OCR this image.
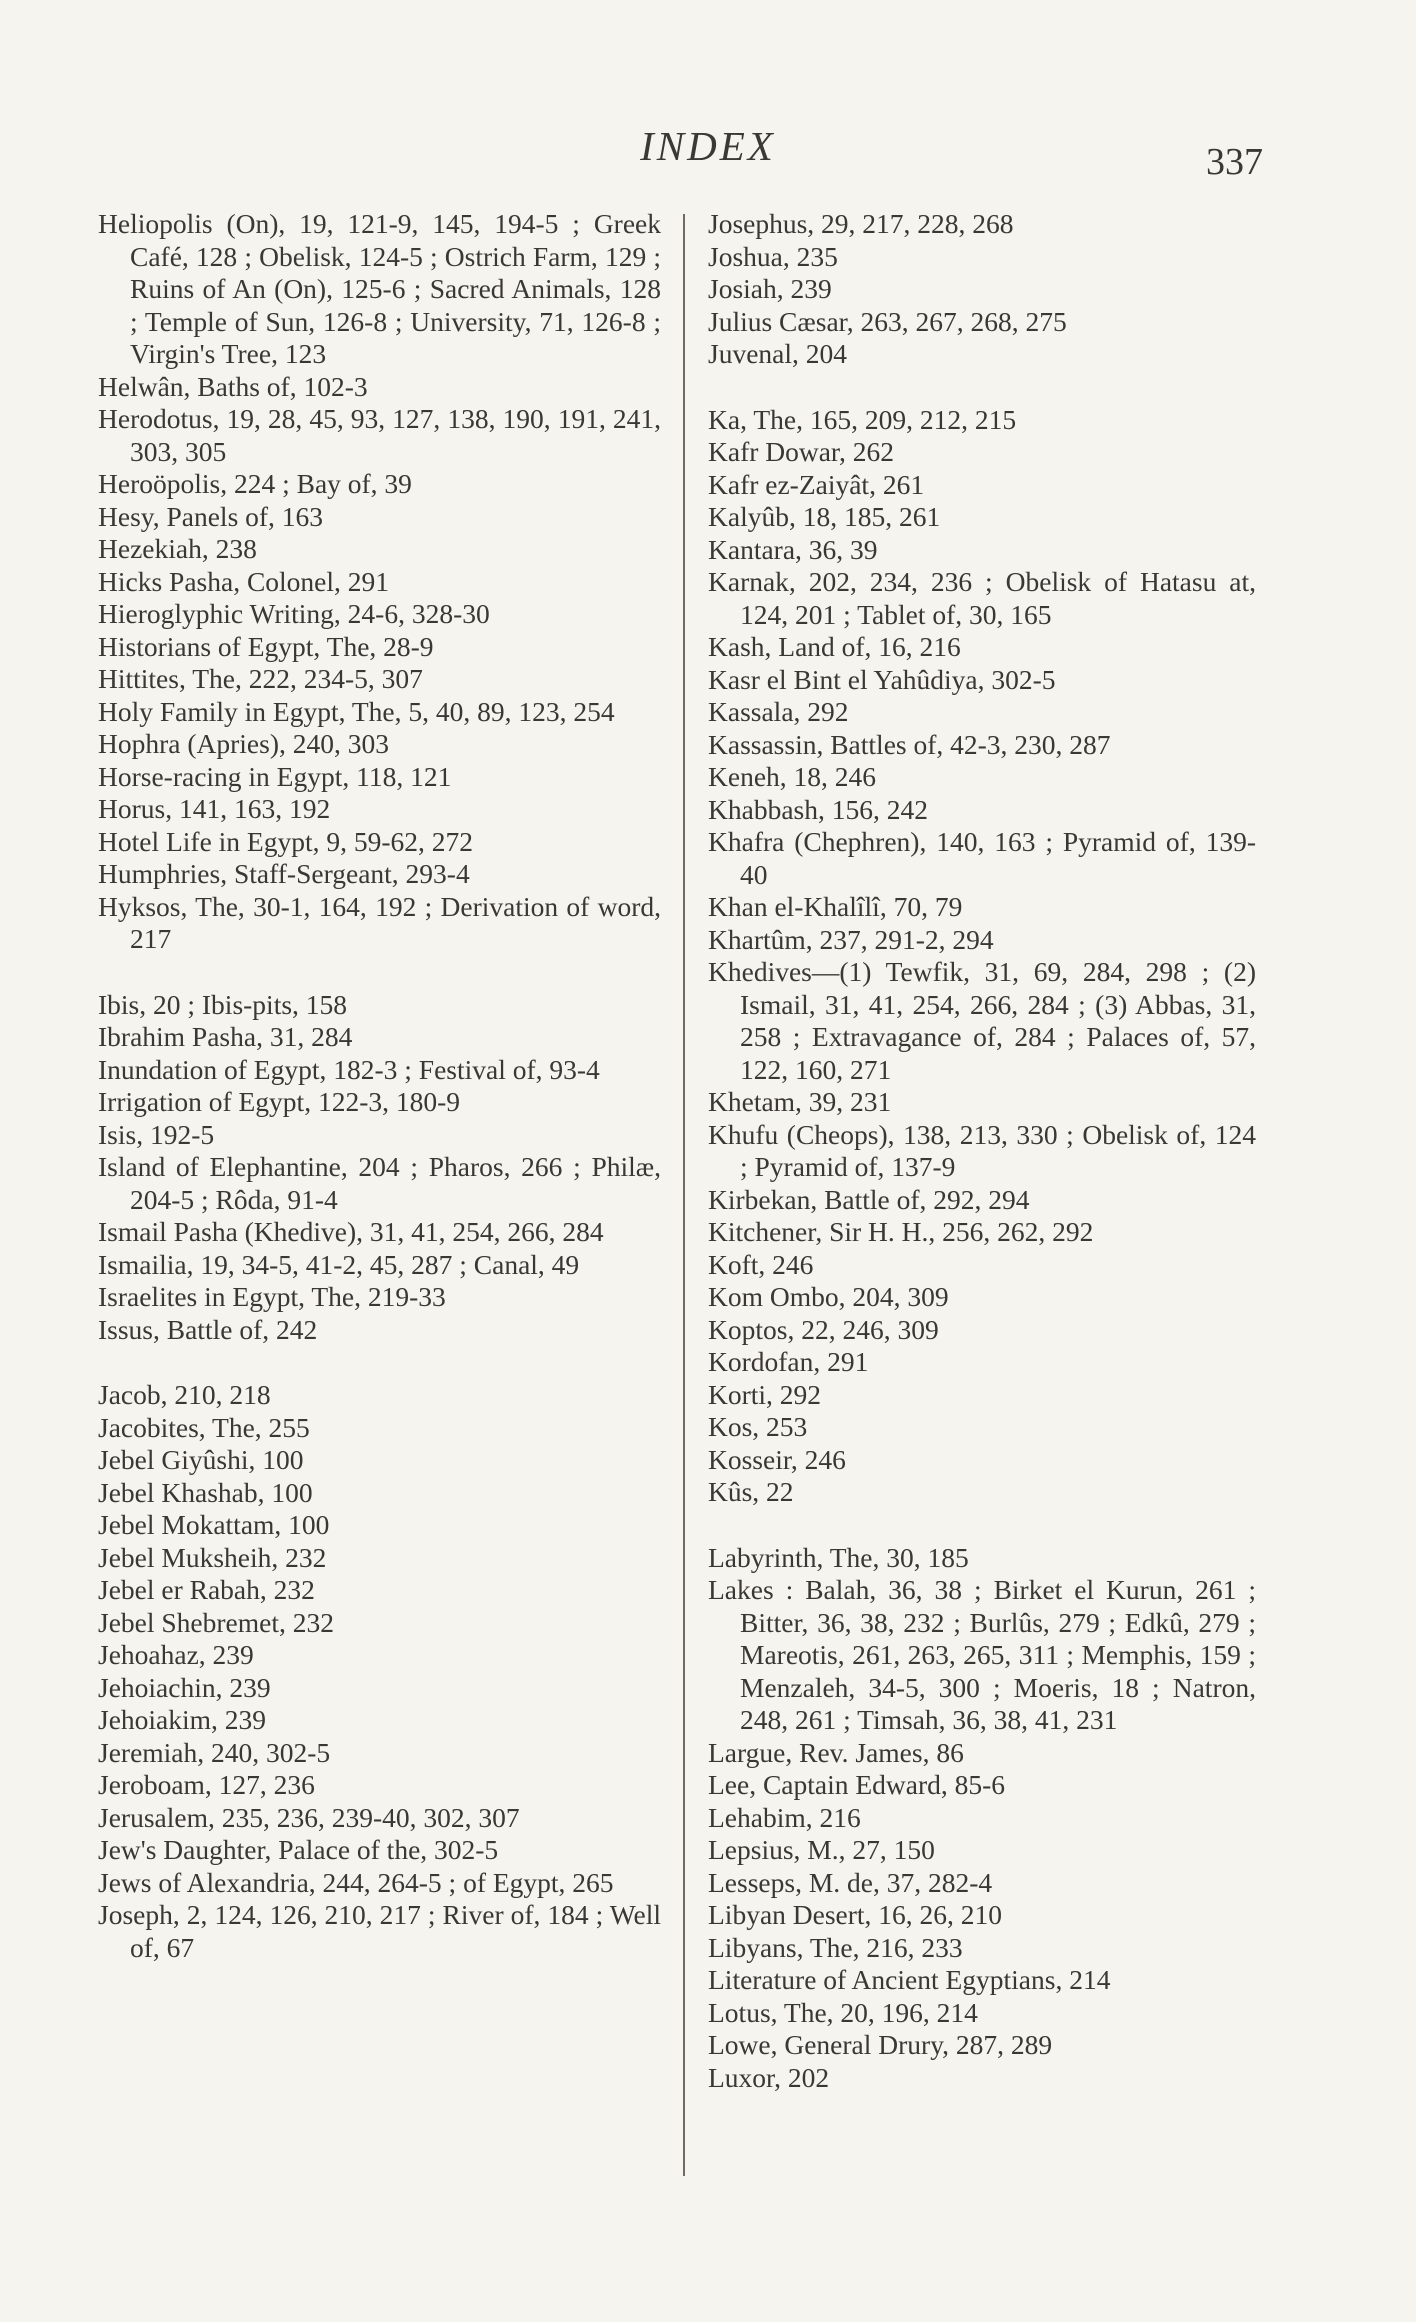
INDEX	337
Heliopolis (On), 19, 121-9, 145, 194-5 ; Greek Café, 128 ; Obelisk, 124-5 ; Ostrich Farm, 129 ; Ruins of An (On), 125-6 ; Sacred Animals, 128 ; Temple of Sun, 126-8 ; University, 71, 126-8 ; Virgin's Tree, 123
Helwân, Baths of, 102-3
Herodotus, 19, 28, 45, 93, 127, 138, 190, 191, 241, 303, 305
Heroöpolis, 224 ; Bay of, 39
Hesy, Panels of, 163
Hezekiah, 238
Hicks Pasha, Colonel, 291
Hieroglyphic Writing, 24-6, 328-30
Historians of Egypt, The, 28-9
Hittites, The, 222, 234-5, 307
Holy Family in Egypt, The, 5, 40, 89, 123, 254
Hophra (Apries), 240, 303
Horse-racing in Egypt, 118, 121
Horus, 141, 163, 192
Hotel Life in Egypt, 9, 59-62, 272
Humphries, Staff-Sergeant, 293-4
Hyksos, The, 30-1, 164, 192 ; Derivation of word, 217
Ibis, 20 ; Ibis-pits, 158
Ibrahim Pasha, 31, 284
Inundation of Egypt, 182-3 ; Festival of, 93-4
Irrigation of Egypt, 122-3, 180-9
Isis, 192-5
Island of Elephantine, 204 ; Pharos, 266 ; Philæ, 204-5 ; Rôda, 91-4
Ismail Pasha (Khedive), 31, 41, 254, 266, 284
Ismailia, 19, 34-5, 41-2, 45, 287 ; Canal, 49
Israelites in Egypt, The, 219-33
Issus, Battle of, 242
Jacob, 210, 218
Jacobites, The, 255
Jebel Giyûshi, 100
Jebel Khashab, 100
Jebel Mokattam, 100
Jebel Muksheih, 232
Jebel er Rabah, 232
Jebel Shebremet, 232
Jehoahaz, 239
Jehoiachin, 239
Jehoiakim, 239
Jeremiah, 240, 302-5
Jeroboam, 127, 236
Jerusalem, 235, 236, 239-40, 302, 307
Jew's Daughter, Palace of the, 302-5
Jews of Alexandria, 244, 264-5 ; of Egypt, 265
Joseph, 2, 124, 126, 210, 217 ; River of, 184 ; Well of, 67
Josephus, 29, 217, 228, 268
Joshua, 235
Josiah, 239
Julius Cæsar, 263, 267, 268, 275
Juvenal, 204
Ka, The, 165, 209, 212, 215
Kafr Dowar, 262
Kafr ez-Zaiyât, 261
Kalyûb, 18, 185, 261
Kantara, 36, 39
Karnak, 202, 234, 236 ; Obelisk of Hatasu at, 124, 201 ; Tablet of, 30, 165
Kash, Land of, 16, 216
Kasr el Bint el Yahûdiya, 302-5
Kassala, 292
Kassassin, Battles of, 42-3, 230, 287
Keneh, 18, 246
Khabbash, 156, 242
Khafra (Chephren), 140, 163 ; Pyramid of, 139-40
Khan el-Khalîlî, 70, 79
Khartûm, 237, 291-2, 294
Khedives—(1) Tewfik, 31, 69, 284, 298 ; (2) Ismail, 31, 41, 254, 266, 284 ; (3) Abbas, 31, 258 ; Extravagance of, 284 ; Palaces of, 57, 122, 160, 271
Khetam, 39, 231
Khufu (Cheops), 138, 213, 330 ; Obelisk of, 124 ; Pyramid of, 137-9
Kirbekan, Battle of, 292, 294
Kitchener, Sir H. H., 256, 262, 292
Koft, 246
Kom Ombo, 204, 309
Koptos, 22, 246, 309
Kordofan, 291
Korti, 292
Kos, 253
Kosseir, 246
Kûs, 22
Labyrinth, The, 30, 185
Lakes : Balah, 36, 38 ; Birket el Kurun, 261 ; Bitter, 36, 38, 232 ; Burlûs, 279 ; Edkû, 279 ; Mareotis, 261, 263, 265, 311 ; Memphis, 159 ; Menzaleh, 34-5, 300 ; Moeris, 18 ; Natron, 248, 261 ; Timsah, 36, 38, 41, 231
Largue, Rev. James, 86
Lee, Captain Edward, 85-6
Lehabim, 216
Lepsius, M., 27, 150
Lesseps, M. de, 37, 282-4
Libyan Desert, 16, 26, 210
Libyans, The, 216, 233
Literature of Ancient Egyptians, 214
Lotus, The, 20, 196, 214
Lowe, General Drury, 287, 289
Luxor, 202
